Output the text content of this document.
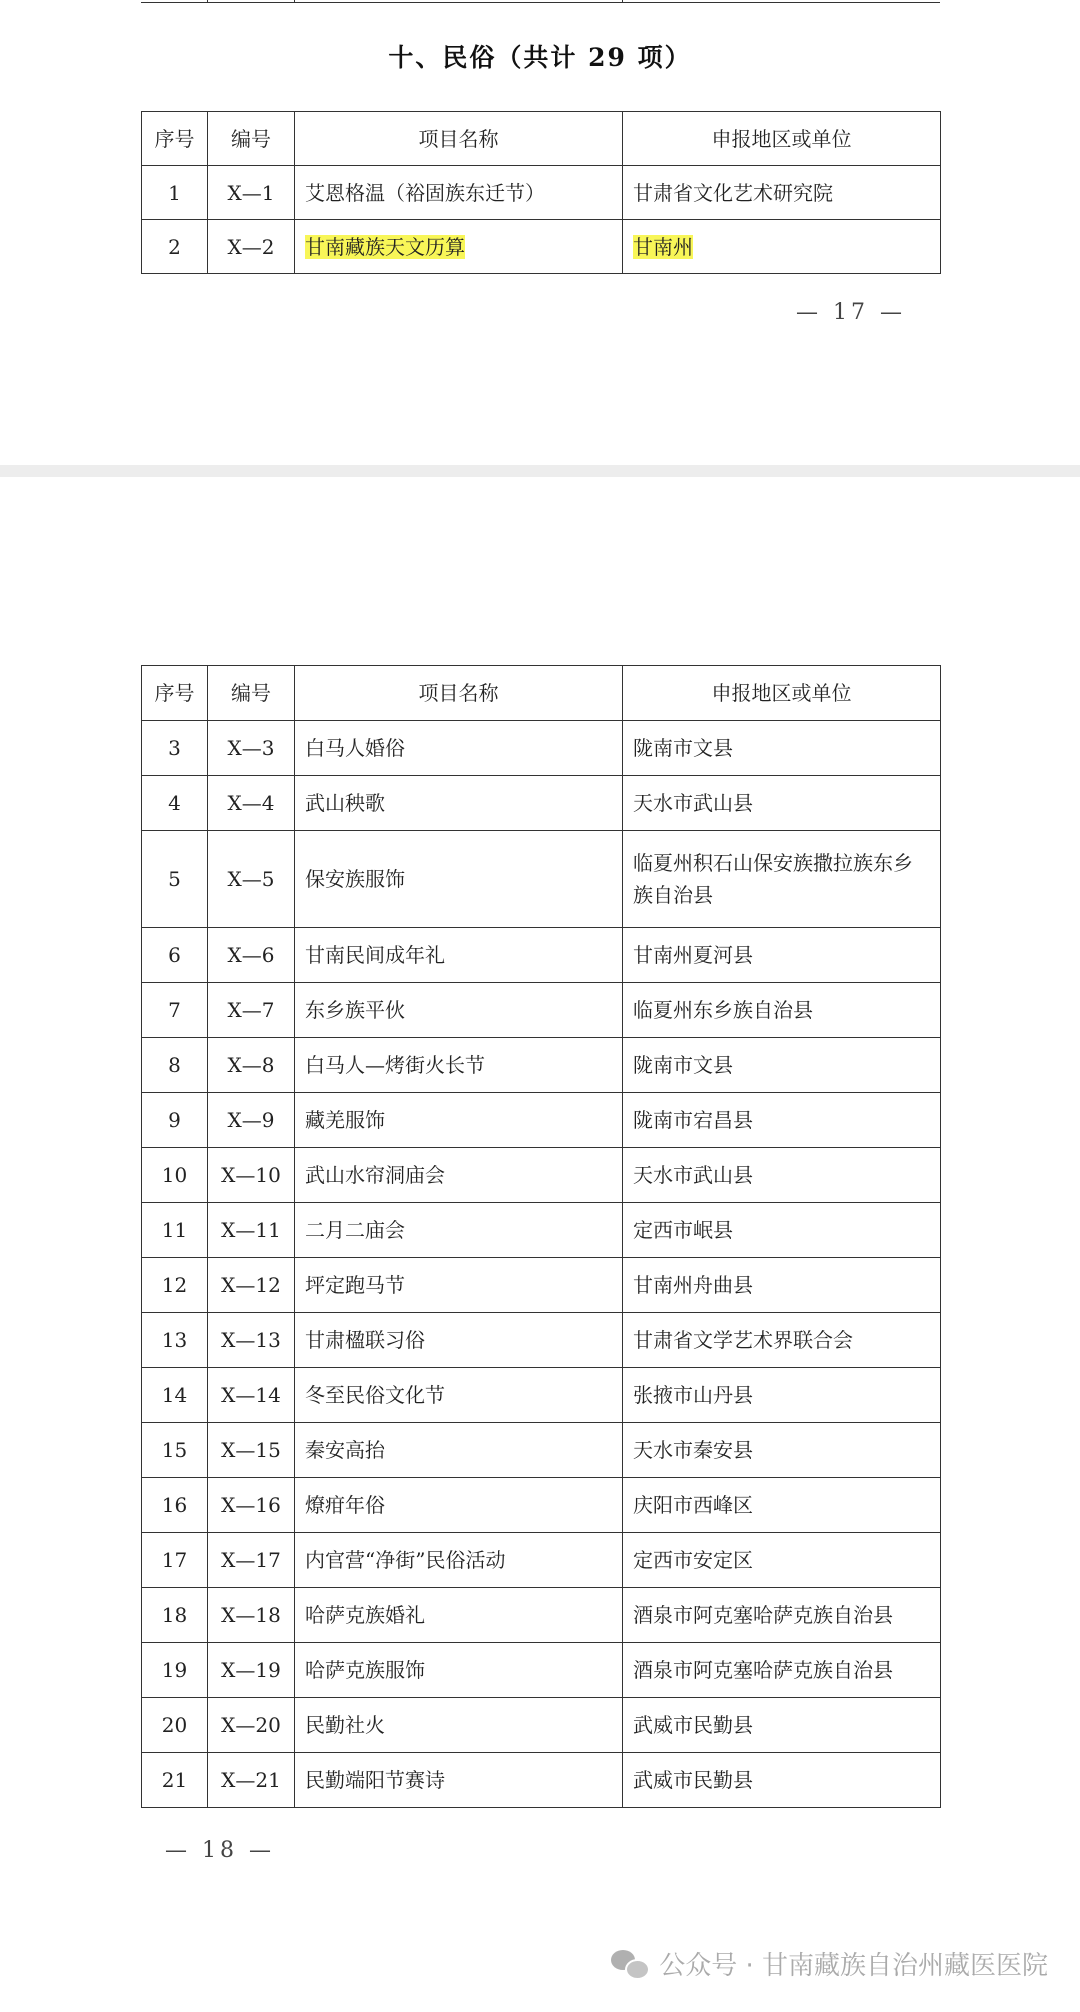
十、民俗（共计 29 项）
序号	编号	项目名称	申报地区或单位
1	Ⅹ—1	艾恩格温（裕固族东迁节）	甘肃省文化艺术研究院
2	Ⅹ—2	甘南藏族天文历算	甘南州
— 17 —
序号	编号	项目名称	申报地区或单位
3	Ⅹ—3	白马人婚俗	陇南市文县
4	Ⅹ—4	武山秧歌	天水市武山县
5	Ⅹ—5	保安族服饰	临夏州积石山保安族撒拉族东乡族自治县
6	Ⅹ—6	甘南民间成年礼	甘南州夏河县
7	Ⅹ—7	东乡族平伙	临夏州东乡族自治县
8	Ⅹ—8	白马人—烤街火长节	陇南市文县
9	Ⅹ—9	藏羌服饰	陇南市宕昌县
10	Ⅹ—10	武山水帘洞庙会	天水市武山县
11	Ⅹ—11	二月二庙会	定西市岷县
12	Ⅹ—12	坪定跑马节	甘南州舟曲县
13	Ⅹ—13	甘肃楹联习俗	甘肃省文学艺术界联合会
14	Ⅹ—14	冬至民俗文化节	张掖市山丹县
15	Ⅹ—15	秦安高抬	天水市秦安县
16	Ⅹ—16	燎疳年俗	庆阳市西峰区
17	Ⅹ—17	内官营“净街”民俗活动	定西市安定区
18	Ⅹ—18	哈萨克族婚礼	酒泉市阿克塞哈萨克族自治县
19	Ⅹ—19	哈萨克族服饰	酒泉市阿克塞哈萨克族自治县
20	Ⅹ—20	民勤社火	武威市民勤县
21	Ⅹ—21	民勤端阳节赛诗	武威市民勤县
— 18 —
公众号 · 甘南藏族自治州藏医医院
